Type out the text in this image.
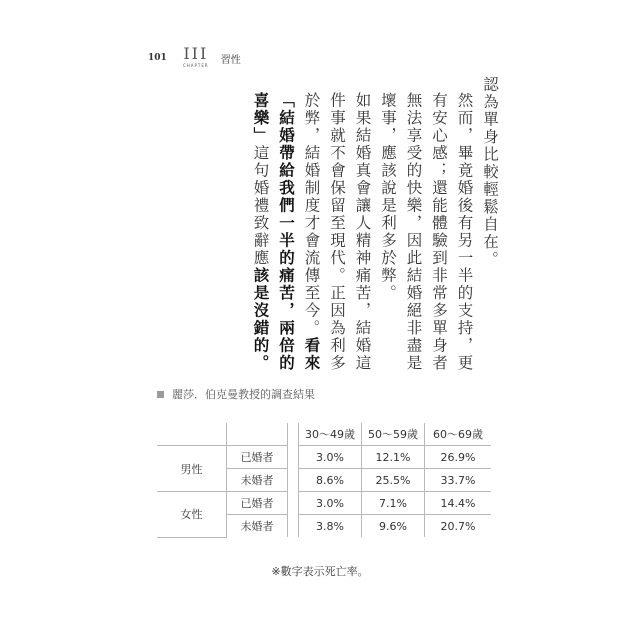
101 III
CHAPTER	習性

認為單身比較輕鬆自在。

然而，畢竟婚後有另一半的支持，更有安心感；還能體驗到非常多單身者無法享受的快樂，因此結婚絕非盡是壞事，應該說是利多於弊。

如果結婚真會讓人精神痛苦，結婚這件事就不會保留至現代。正因為利多於弊，結婚制度才會流傳至今。看來「結婚帶給我們一半的痛苦，兩倍的喜樂」這句婚禮致辭應該是沒錯的。

麗莎．伯克曼教授的調查結果
			30～49歲	50～59歲	60～69歲
男性	已婚者		3.0%	12.1%	26.9%
	未婚者		8.6%	25.5%	33.7%
女性	已婚者		3.0%	7.1%	14.4%
	未婚者		3.8%	9.6%	20.7%
※數字表示死亡率。
